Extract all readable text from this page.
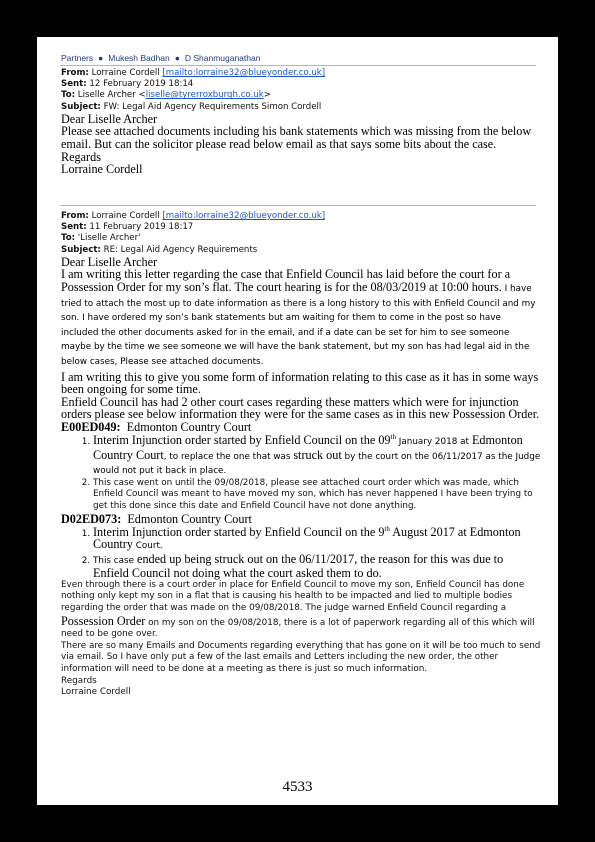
Partners ● Mukesh Badhan ● D Shanmuganathan
From: Lorraine Cordell [mailto:lorraine32@blueyonder.co.uk]
Sent: 12 February 2019 18:14
To: Liselle Archer <liselle@tyrerroxburgh.co.uk>
Subject: FW: Legal Aid Agency Requirements Simon Cordell
Dear Liselle Archer
Please see attached documents including his bank statements which was missing from the below email. But can the solicitor please read below email as that says some bits about the case.
Regards
Lorraine Cordell
From: Lorraine Cordell [mailto:lorraine32@blueyonder.co.uk]
Sent: 11 February 2019 18:17
To: 'Liselle Archer'
Subject: RE: Legal Aid Agency Requirements
Dear Liselle Archer
I am writing this letter regarding the case that Enfield Council has laid before the court for a Possession Order for my son’s flat. The court hearing is for the 08/03/2019 at 10:00 hours. I have tried to attach the most up to date information as there is a long history to this with Enfield Council and my son. I have ordered my son’s bank statements but am waiting for them to come in the post so have included the other documents asked for in the email, and if a date can be set for him to see someone maybe by the time we see someone we will have the bank statement, but my son has had legal aid in the below cases, Please see attached documents.
I am writing this to give you some form of information relating to this case as it has in some ways been ongoing for some time.
Enfield Council has had 2 other court cases regarding these matters which were for injunction orders please see below information they were for the same cases as in this new Possession Order.
E00ED049: Edmonton Country Court
1. Interim Injunction order started by Enfield Council on the 09th January 2018 at Edmonton Country Court, to replace the one that was struck out by the court on the 06/11/2017 as the Judge would not put it back in place.
2. This case went on until the 09/08/2018, please see attached court order which was made, which Enfield Council was meant to have moved my son, which has never happened I have been trying to get this done since this date and Enfield Council have not done anything.
D02ED073: Edmonton Country Court
1. Interim Injunction order started by Enfield Council on the 9th August 2017 at Edmonton Country Court.
2. This case ended up being struck out on the 06/11/2017, the reason for this was due to Enfield Council not doing what the court asked them to do.
Even through there is a court order in place for Enfield Council to move my son, Enfield Council has done nothing only kept my son in a flat that is causing his health to be impacted and lied to multiple bodies regarding the order that was made on the 09/08/2018. The judge warned Enfield Council regarding a Possession Order on my son on the 09/08/2018, there is a lot of paperwork regarding all of this which will need to be gone over.
There are so many Emails and Documents regarding everything that has gone on it will be too much to send via email. So I have only put a few of the last emails and Letters including the new order, the other information will need to be done at a meeting as there is just so much information.
Regards
Lorraine Cordell
4533
